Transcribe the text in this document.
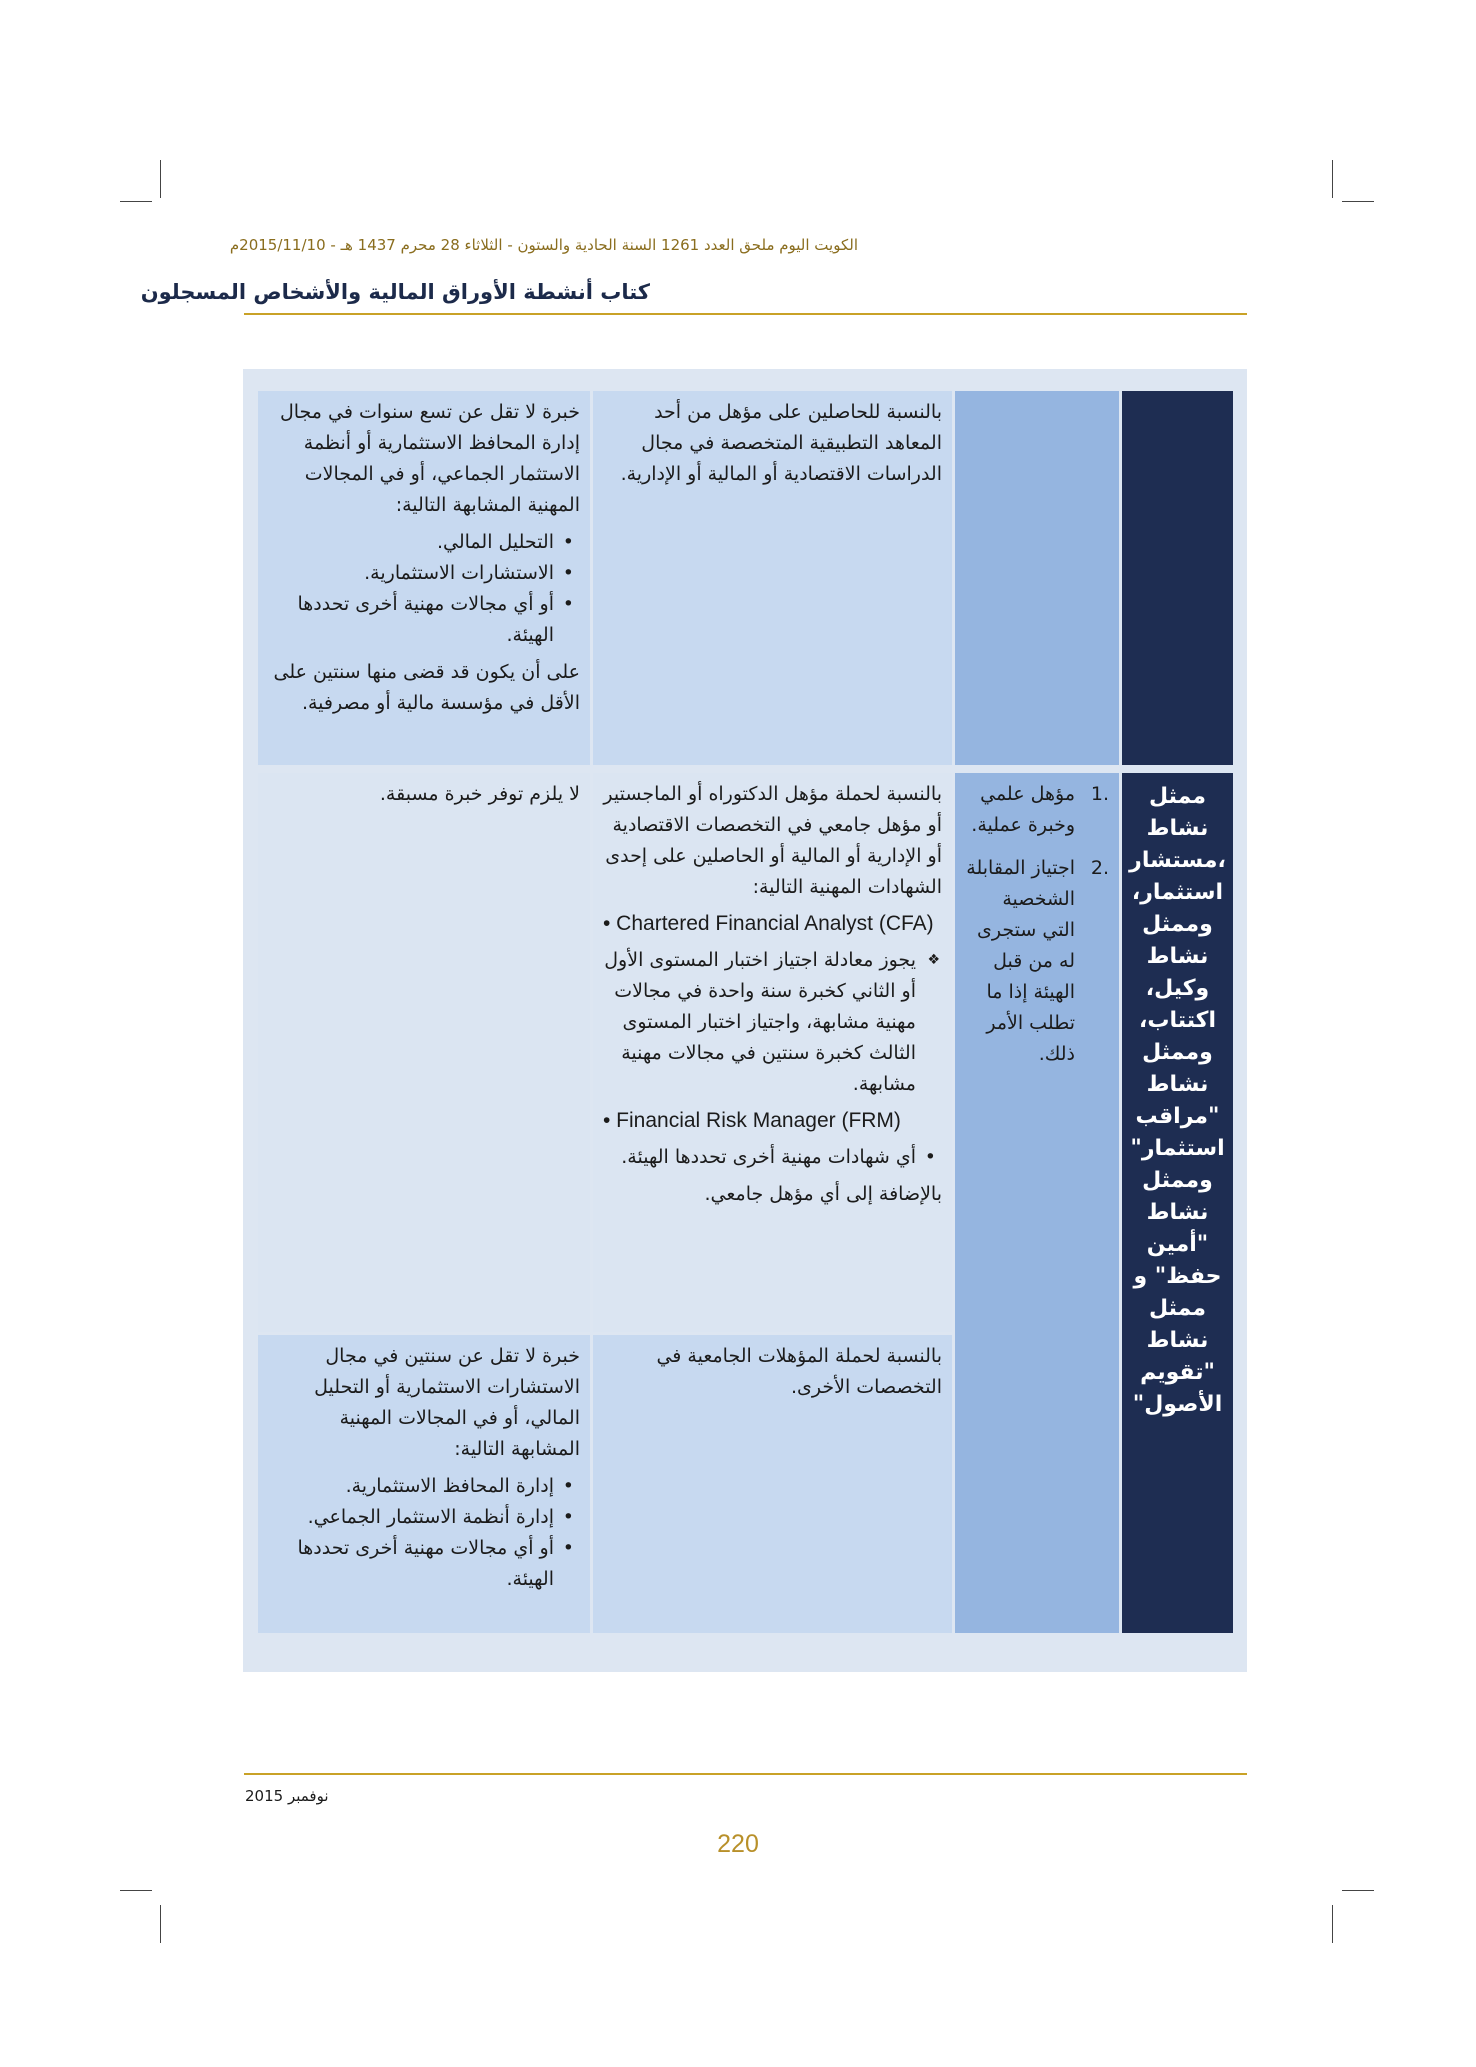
الكويت اليوم ملحق العدد 1261 السنة الحادية والستون - الثلاثاء 28 محرم 1437 هـ - 2015/11/10م
كتاب أنشطة الأوراق المالية والأشخاص المسجلون
بالنسبة للحاصلين على مؤهل من أحد المعاهد التطبيقية المتخصصة في مجال الدراسات الاقتصادية أو المالية أو الإدارية.
خبرة لا تقل عن تسع سنوات في مجال إدارة المحافظ الاستثمارية أو أنظمة الاستثمار الجماعي، أو في المجالات المهنية المشابهة التالية:
• التحليل المالي.
• الاستشارات الاستثمارية.
• أو أي مجالات مهنية أخرى تحددها الهيئة.
على أن يكون قد قضى منها سنتين على الأقل في مؤسسة مالية أو مصرفية.
ممثل نشاط ،مستشار استثمار، وممثل نشاط وكيل، اكتتاب، وممثل نشاط "مراقب استثمار" وممثل نشاط "أمين حفظ" و ممثل نشاط "تقويم الأصول"
1.
مؤهل علمي وخبرة عملية.
2.
اجتياز المقابلة الشخصية التي ستجرى له من قبل الهيئة إذا ما تطلب الأمر ذلك.
بالنسبة لحملة مؤهل الدكتوراه أو الماجستير أو مؤهل جامعي في التخصصات الاقتصادية أو الإدارية أو المالية أو الحاصلين على إحدى الشهادات المهنية التالية:
• Chartered Financial Analyst (CFA)
❖
يجوز معادلة اجتياز اختبار المستوى الأول أو الثاني كخبرة سنة واحدة في مجالات مهنية مشابهة، واجتياز اختبار المستوى الثالث كخبرة سنتين في مجالات مهنية مشابهة.
• Financial Risk Manager (FRM)
• أي شهادات مهنية أخرى تحددها الهيئة.
بالإضافة إلى أي مؤهل جامعي.
لا يلزم توفر خبرة مسبقة.
بالنسبة لحملة المؤهلات الجامعية في التخصصات الأخرى.
خبرة لا تقل عن سنتين في مجال الاستشارات الاستثمارية أو التحليل المالي، أو في المجالات المهنية المشابهة التالية:
• إدارة المحافظ الاستثمارية.
• إدارة أنظمة الاستثمار الجماعي.
• أو أي مجالات مهنية أخرى تحددها الهيئة.
نوفمبر 2015
220
